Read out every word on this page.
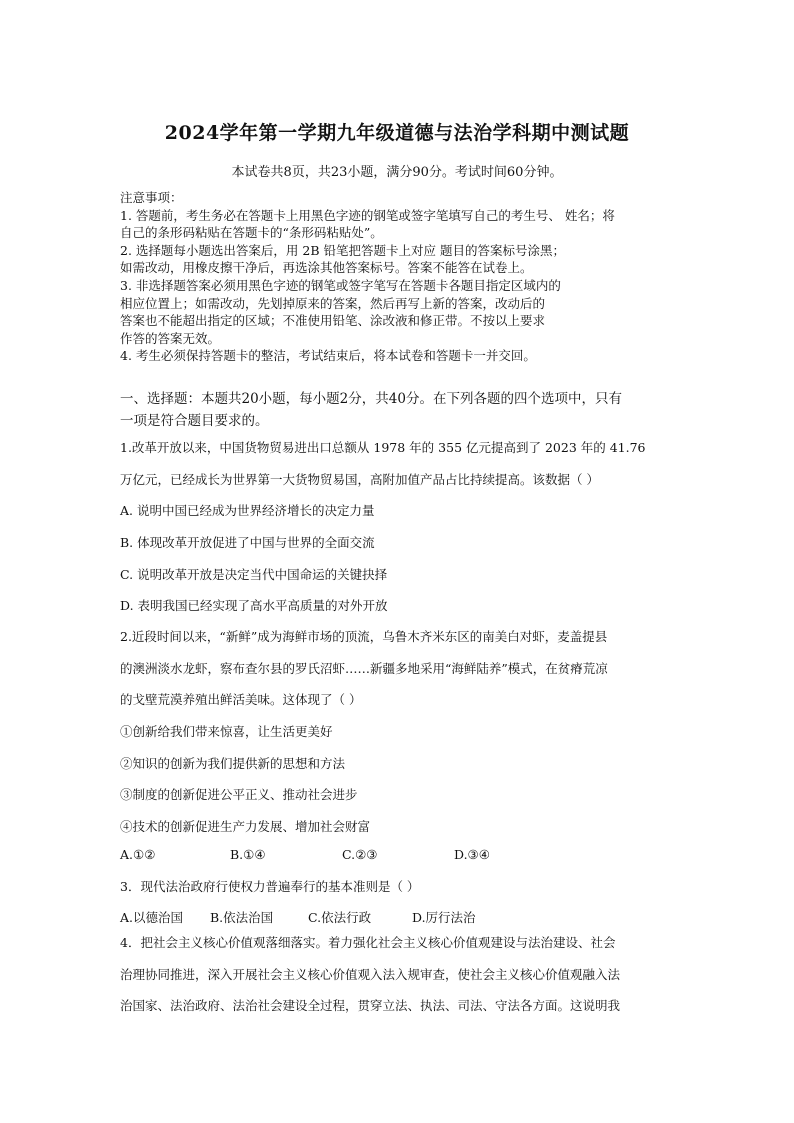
2024学年第一学期九年级道德与法治学科期中测试题
本试卷共8页，共23小题，满分90分。考试时间60分钟。
注意事项：
1. 答题前，考生务必在答题卡上用黑色字迹的钢笔或签字笔填写自己的考生号、 姓名；将
自己的条形码粘贴在答题卡的“条形码粘贴处”。
2. 选择题每小题选出答案后，用 2B 铅笔把答题卡上对应 题目的答案标号涂黑；
如需改动，用橡皮擦干净后，再选涂其他答案标号。答案不能答在试卷上。
3. 非选择题答案必须用黑色字迹的钢笔或签字笔写在答题卡各题目指定区域内的
相应位置上；如需改动，先划掉原来的答案，然后再写上新的答案，改动后的
答案也不能超出指定的区域；不准使用铅笔、涂改液和修正带。不按以上要求
作答的答案无效。
4. 考生必须保持答题卡的整洁，考试结束后，将本试卷和答题卡一并交回。
一、选择题：本题共20小题，每小题2分，共40分。在下列各题的四个选项中，只有
一项是符合题目要求的。
1.改革开放以来，中国货物贸易进出口总额从 1978 年的 355 亿元提高到了 2023 年的 41.76
万亿元，已经成长为世界第一大货物贸易国，高附加值产品占比持续提高。该数据（ ）
A. 说明中国已经成为世界经济增长的决定力量
B. 体现改革开放促进了中国与世界的全面交流
C. 说明改革开放是决定当代中国命运的关键抉择
D. 表明我国已经实现了高水平高质量的对外开放
2.近段时间以来，“新鲜”成为海鲜市场的顶流，乌鲁木齐米东区的南美白对虾，麦盖提县
的澳洲淡水龙虾，察布查尔县的罗氏沼虾……新疆多地采用“海鲜陆养”模式，在贫瘠荒凉
的戈壁荒漠养殖出鲜活美味。这体现了（ ）
①创新给我们带来惊喜，让生活更美好
②知识的创新为我们提供新的思想和方法
③制度的创新促进公平正义、推动社会进步
④技术的创新促进生产力发展、增加社会财富
A.①②	B.①④	C.②③	D.③④
3．现代法治政府行使权力普遍奉行的基本准则是（ ）
A.以德治国 B.依法治国	C.依法行政	D.厉行法治
4．把社会主义核心价值观落细落实。着力强化社会主义核心价值观建设与法治建设、社会
治理协同推进，深入开展社会主义核心价值观入法入规审查，使社会主义核心价值观融入法
治国家、法治政府、法治社会建设全过程，贯穿立法、执法、司法、守法各方面。这说明我
